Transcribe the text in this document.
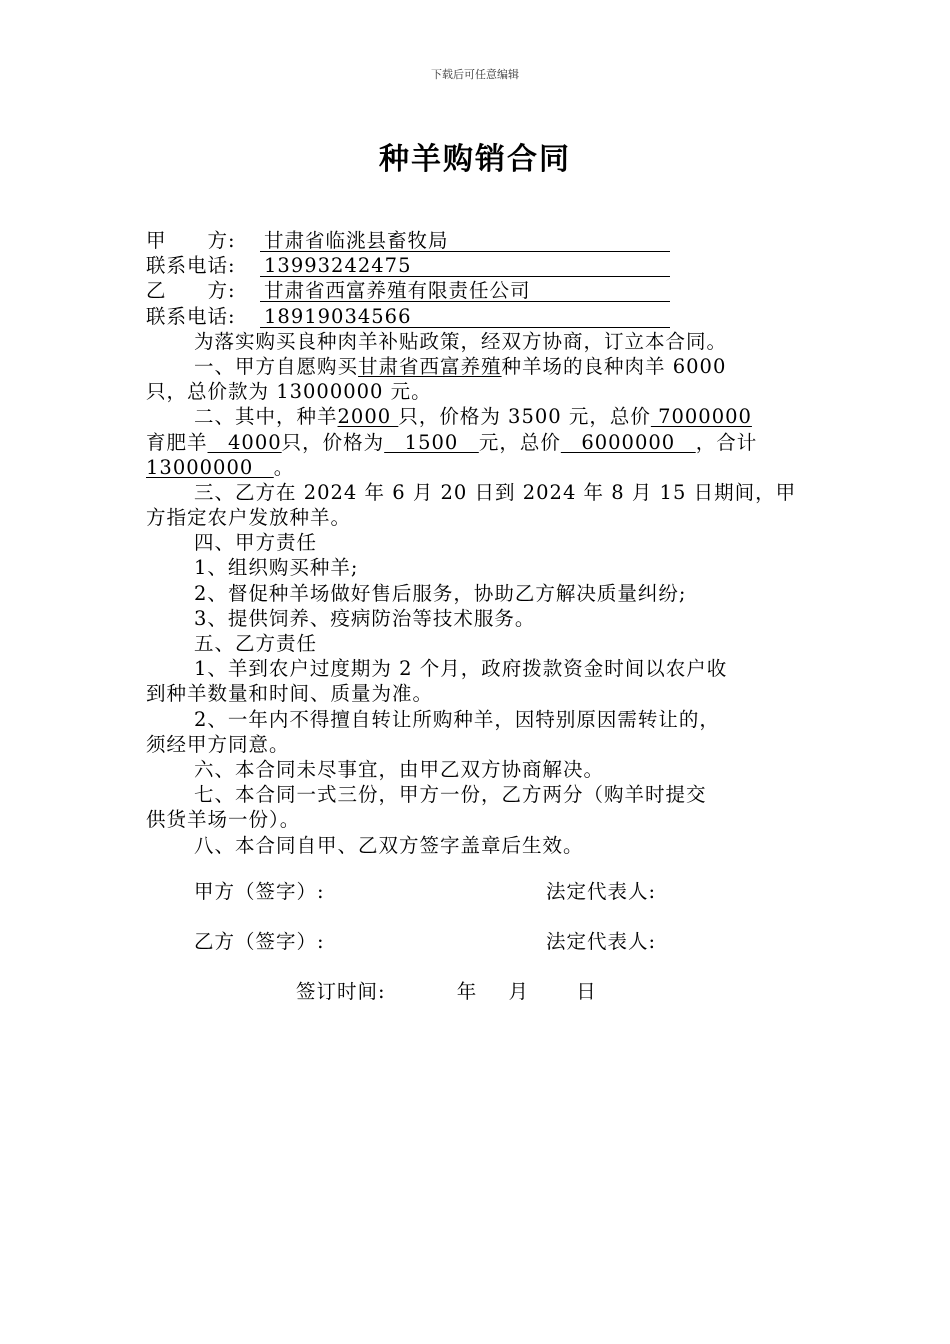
下载后可任意编辑
种羊购销合同
甲　　方: 甘肃省临洮县畜牧局
联系电话: 13993242475
乙　　方: 甘肃省西富养殖有限责任公司
联系电话: 18919034566
为落实购买良种肉羊补贴政策，经双方协商，订立本合同。
一、甲方自愿购买甘肃省西富养殖种羊场的良种肉羊 6000
只，总价款为 13000000 元。
二、其中，种羊2000 只，价格为 3500 元，总价 7000000
育肥羊　4000只，价格为　1500　元，总价　6000000　，合计
13000000　。
三、乙方在 2024 年 6 月 20 日到 2024 年 8 月 15 日期间，甲
方指定农户发放种羊。
四、甲方责任
1、组织购买种羊;
2、督促种羊场做好售后服务，协助乙方解决质量纠纷;
3、提供饲养、疫病防治等技术服务。
五、乙方责任
1、羊到农户过度期为 2 个月，政府拨款资金时间以农户收
到种羊数量和时间、质量为准。
2、一年内不得擅自转让所购种羊，因特别原因需转让的，
须经甲方同意。
六、本合同未尽事宜，由甲乙双方协商解决。
七、本合同一式三份，甲方一份，乙方两分（购羊时提交
供货羊场一份）。
八、本合同自甲、乙双方签字盖章后生效。
甲方（签字）:	法定代表人:
乙方（签字）:	法定代表人:
签订时间:	年 月 日
